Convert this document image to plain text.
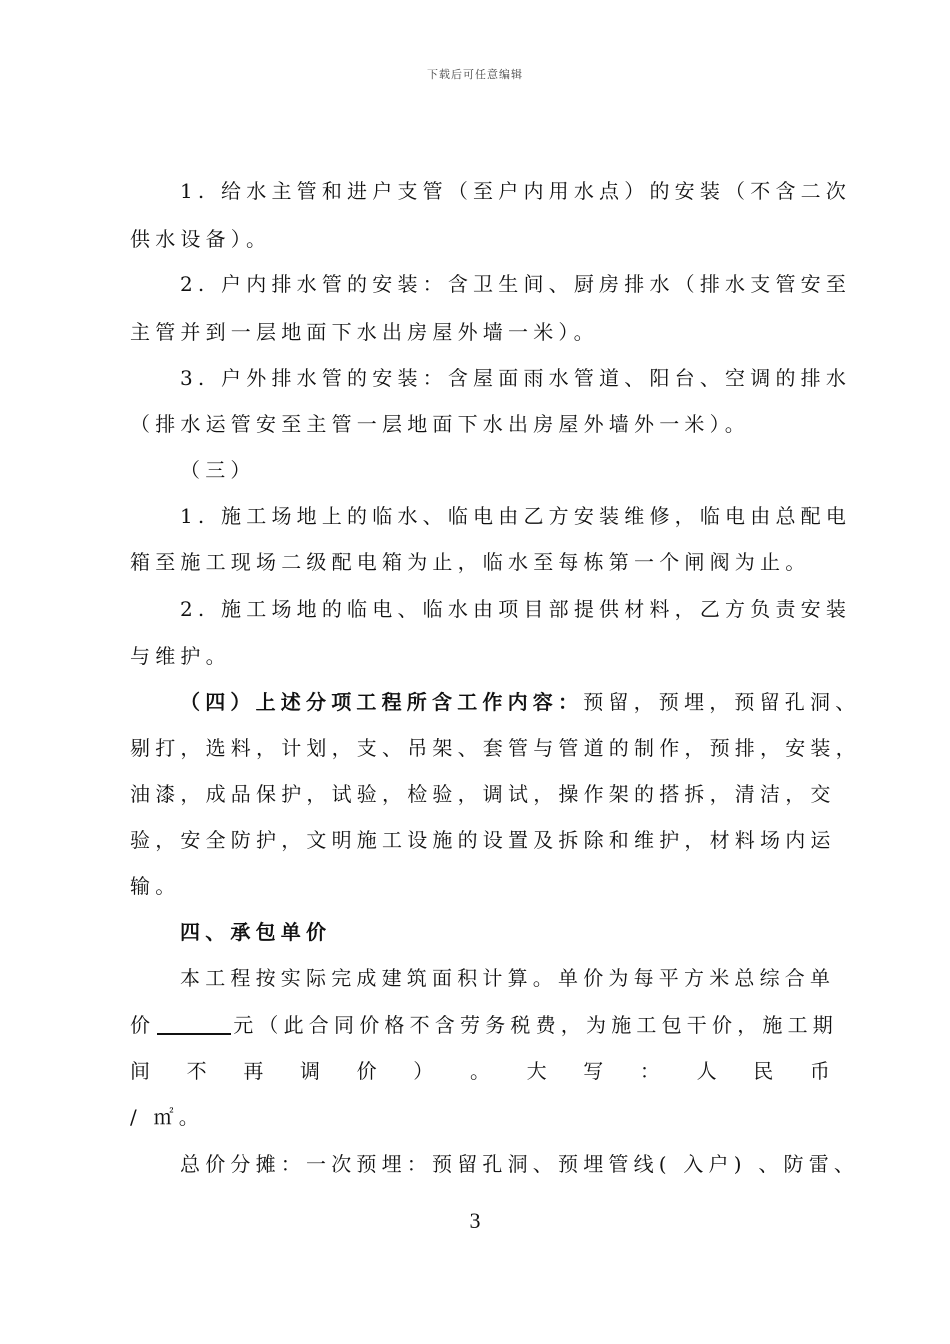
下载后可任意编辑
1. 给水主管和进户支管（至户内用水点）的安装（不含二次
供水设备）。
2. 户内排水管的安装：含卫生间、厨房排水（排水支管安至
主管并到一层地面下水出房屋外墙一米）。
3. 户外排水管的安装：含屋面雨水管道、阳台、空调的排水
（排水运管安至主管一层地面下水出房屋外墙外一米）。
（三）
1. 施工场地上的临水、临电由乙方安装维修，临电由总配电
箱至施工现场二级配电箱为止，临水至每栋第一个闸阀为止。
2. 施工场地的临电、临水由项目部提供材料，乙方负责安装
与维护。
（四）上述分项工程所含工作内容：预留，预埋，预留孔洞、
剔打，选料，计划，支、吊架、套管与管道的制作，预排，安装，
油漆，成品保护，试验，检验，调试，操作架的搭拆，清洁，交
验，安全防护，文明施工设施的设置及拆除和维护，材料场内运
输。
四、承包单价
本工程按实际完成建筑面积计算。单价为每平方米总综合单
价	元（此合同价格不含劳务税费，为施工包干价，施工期
间 不 再 调 价 ） 。 大 写 ： 人 民 币
/ ㎡。
总价分摊：一次预埋：预留孔洞、预埋管线( 入户) 、防雷、
3
